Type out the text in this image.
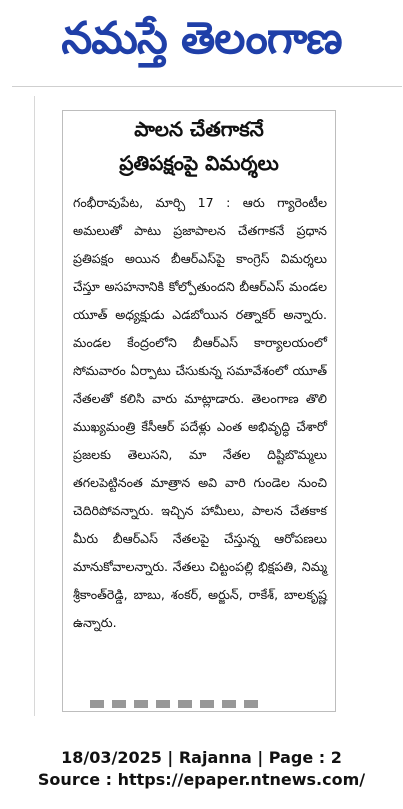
నమస్తే తెలంగాణ
పాలన చేతగాకనే
ప్రతిపక్షంపై విమర్శలు
గంభీరావుపేట, మార్చి 17 : ఆరు గ్యారెంటీల అమలుతో పాటు ప్రజాపాలన చేతగాకనే ప్రధాన ప్రతిపక్షం అయిన బీఆర్ఎస్‌పై కాంగ్రెస్ విమర్శలు చేస్తూ అసహనానికి కోల్పోతుందని బీఆర్ఎస్ మండల యూత్ అధ్యక్షుడు ఎడబోయిన రత్నాకర్ అన్నారు. మండల కేంద్రంలోని బీఆర్ఎస్ కార్యాలయంలో సోమవారం ఏర్పాటు చేసుకున్న సమావేశంలో యూత్ నేతలతో కలిసి వారు మాట్లాడారు. తెలంగాణ తొలి ముఖ్యమంత్రి కేసీఆర్ పదేళ్లు ఎంత అభివృద్ధి చేశారో ప్రజలకు తెలుసని, మా నేతల దిష్టిబొమ్మలు తగలపెట్టినంత మాత్రాన అవి వారి గుండెల నుంచి చెదిరిపోవన్నారు. ఇచ్చిన హామీలు, పాలన చేతకాక మీరు బీఆర్ఎస్ నేతలపై చేస్తున్న ఆరోపణలు మానుకోవాలన్నారు. నేతలు చిట్టంపల్లి భిక్షపతి, నిమ్మ శ్రీకాంత్‌రెడ్డి, బాబు, శంకర్, అర్జున్, రాకేశ్, బాలకృష్ణ ఉన్నారు.
18/03/2025 | Rajanna | Page : 2
Source : https://epaper.ntnews.com/
